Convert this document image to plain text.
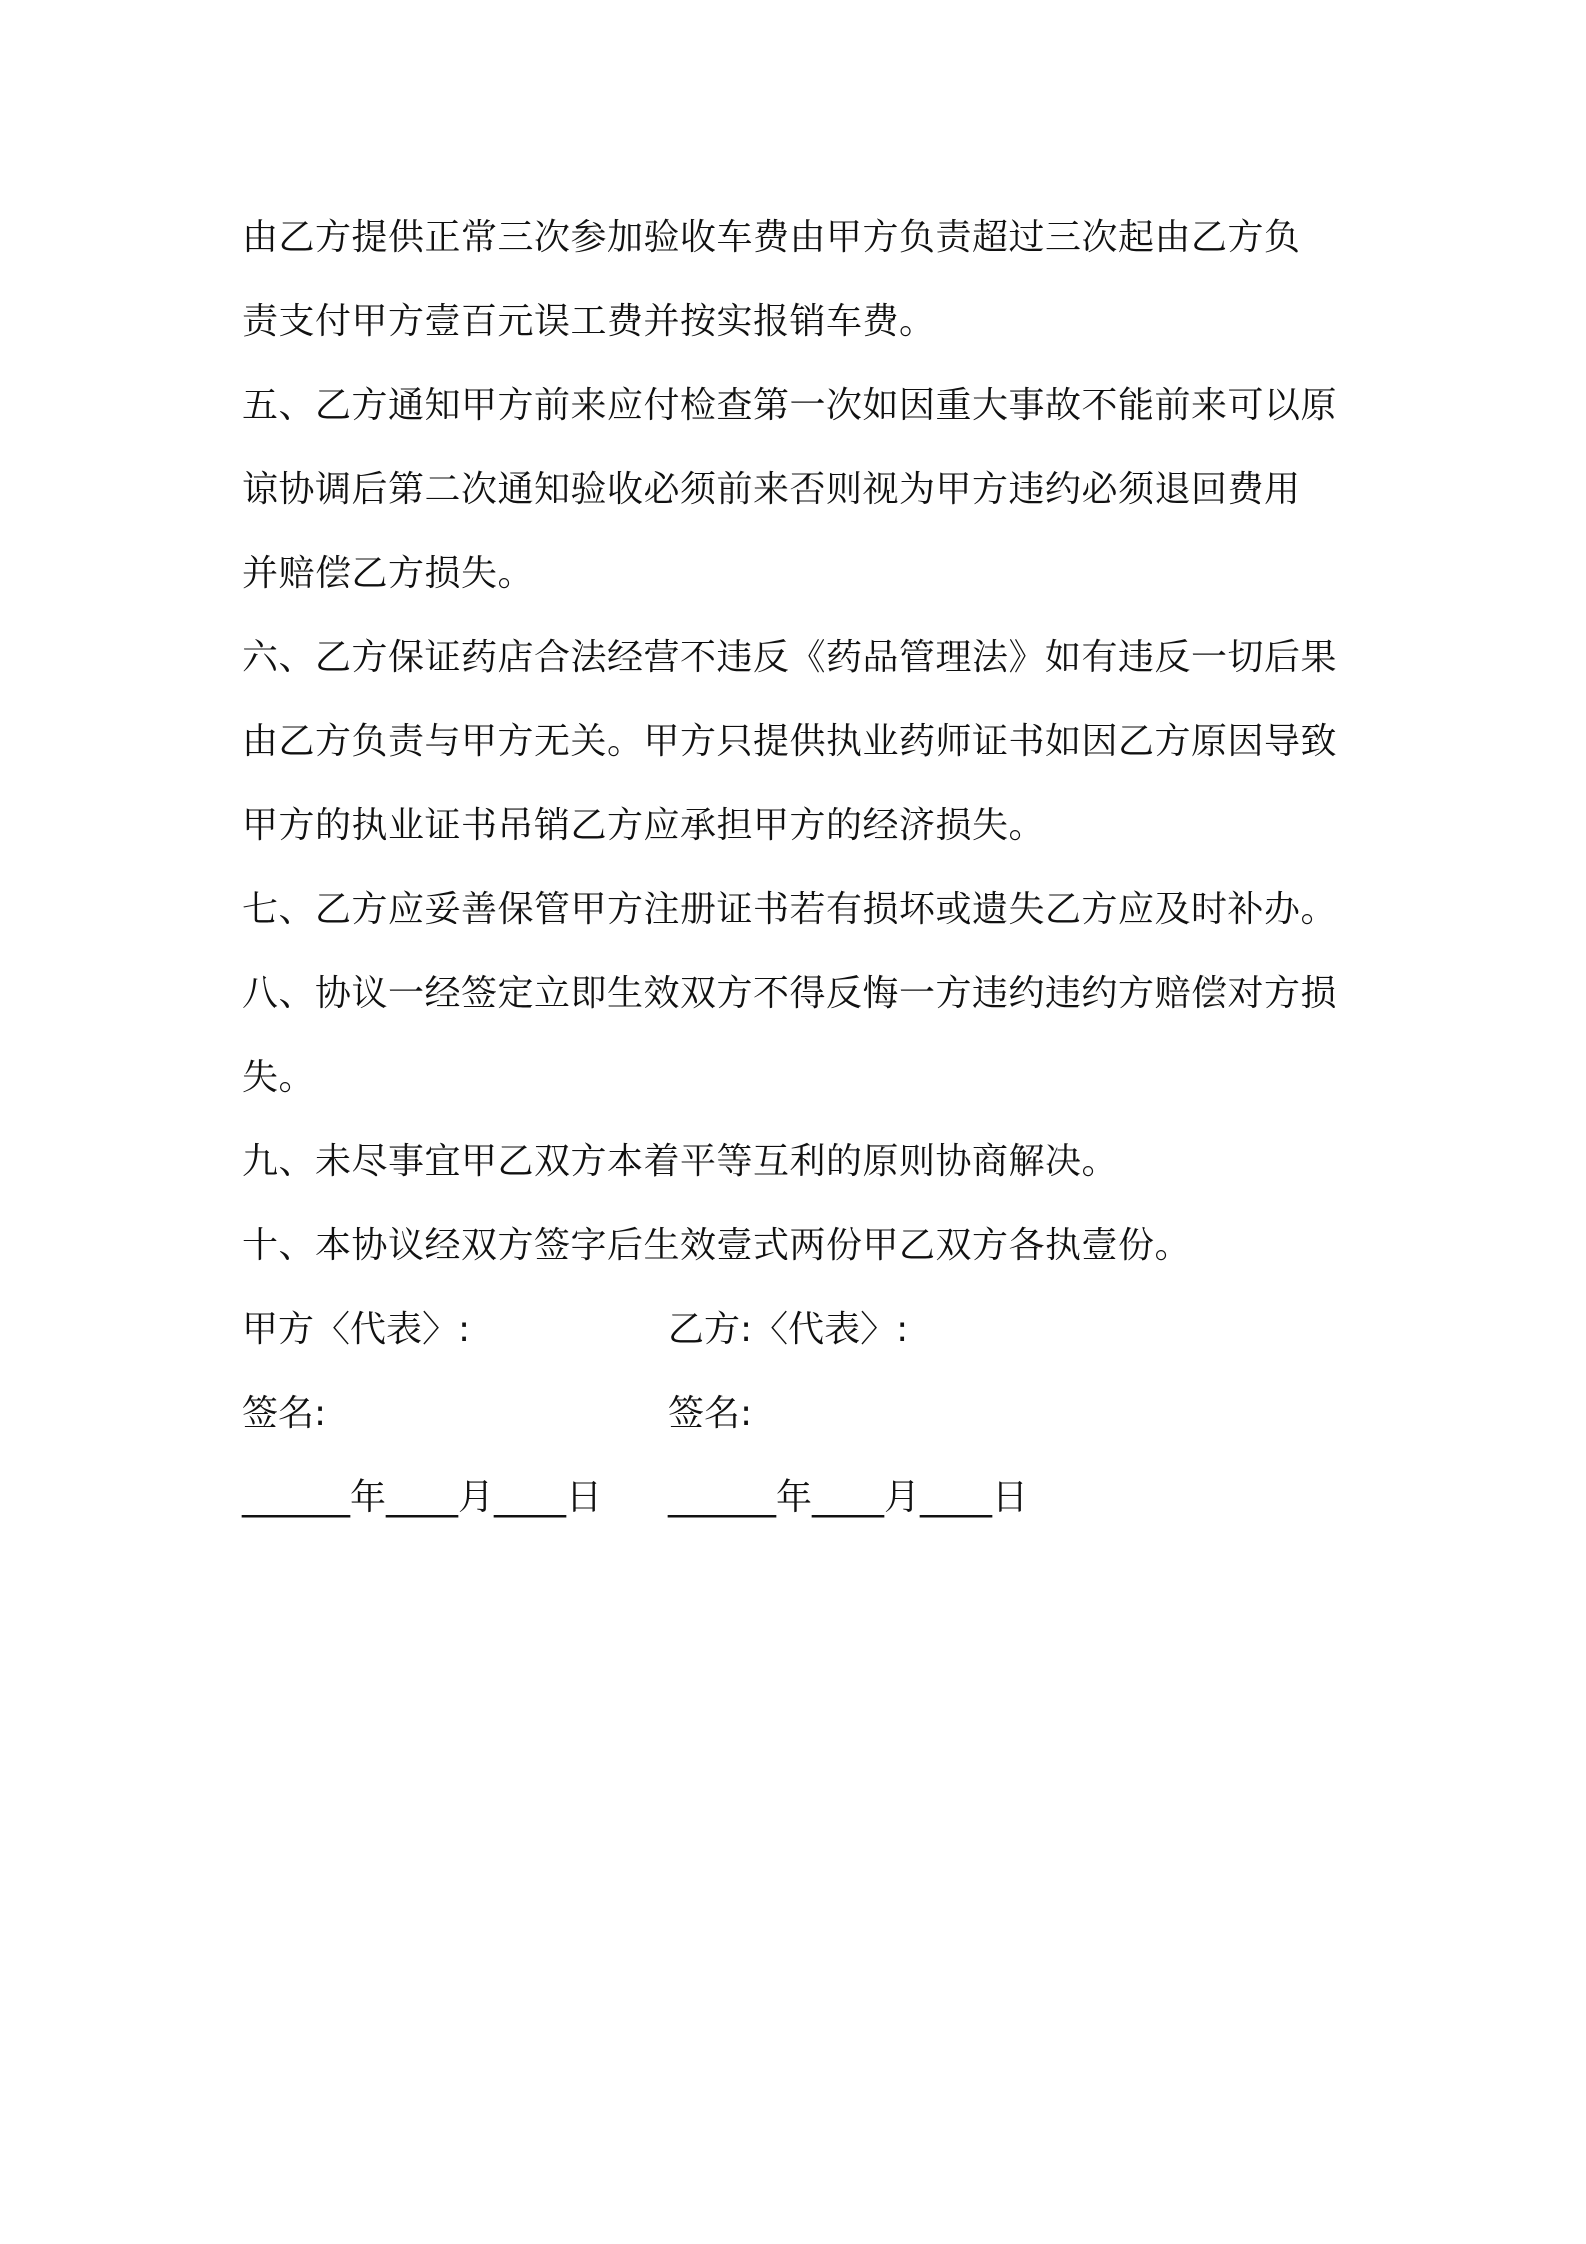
由乙方提供正常三次参加验收车费由甲方负责超过三次起由乙方负
责支付甲方壹百元误工费并按实报销车费。
五、乙方通知甲方前来应付检查第一次如因重大事故不能前来可以原
谅协调后第二次通知验收必须前来否则视为甲方违约必须退回费用
并赔偿乙方损失。
六、乙方保证药店合法经营不违反《药品管理法》如有违反一切后果
由乙方负责与甲方无关。甲方只提供执业药师证书如因乙方原因导致
甲方的执业证书吊销乙方应承担甲方的经济损失。
七、乙方应妥善保管甲方注册证书若有损坏或遗失乙方应及时补办。
八、协议一经签定立即生效双方不得反悔一方违约违约方赔偿对方损
失。
九、未尽事宜甲乙双方本着平等互利的原则协商解决。
十、本协议经双方签字后生效壹式两份甲乙双方各执壹份。
甲方〈代表〉:	乙方:〈代表〉:
签名:	签名:
______年____月____日 ______年____月____日
